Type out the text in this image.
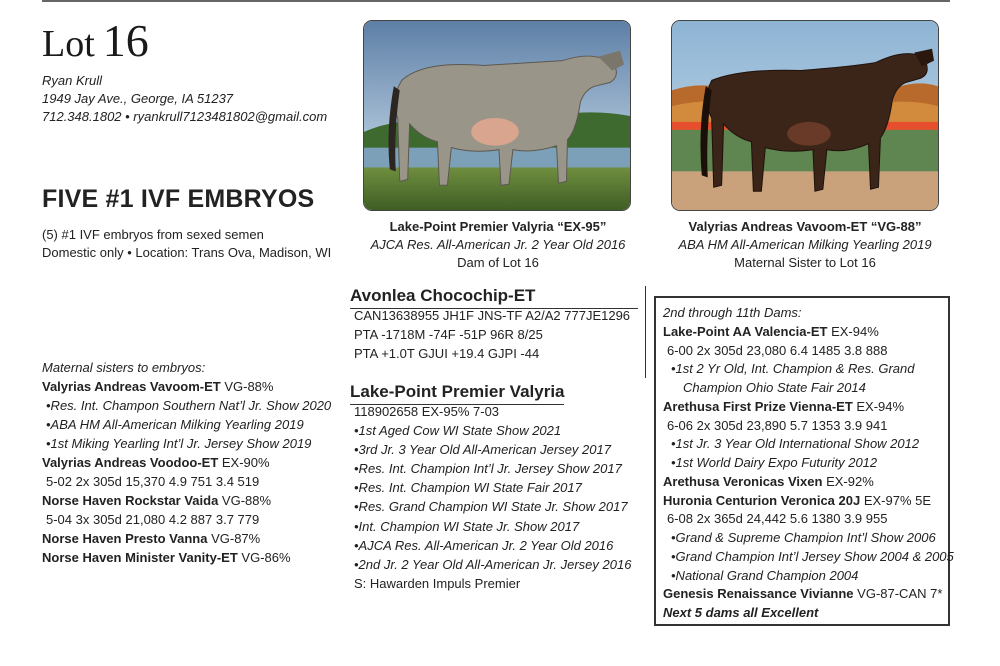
Lot 16
Ryan Krull
1949 Jay Ave., George, IA 51237
712.348.1802 • ryankrull7123481802@gmail.com
FIVE #1 IVF EMBRYOS
(5) #1 IVF embryos from sexed semen
Domestic only • Location: Trans Ova, Madison, WI
Lake-Point Premier Valyria “EX-95”
AJCA Res. All-American Jr. 2 Year Old 2016
Dam of Lot 16
Valyrias Andreas Vavoom-ET “VG-88”
ABA HM All-American Milking Yearling 2019
Maternal Sister to Lot 16
Maternal sisters to embryos:
Valyrias Andreas Vavoom-ET VG-88%
•Res. Int. Champon Southern Nat’l Jr. Show 2020
•ABA HM All-American Milking Yearling 2019
•1st Miking Yearling Int’l Jr. Jersey Show 2019
Valyrias Andreas Voodoo-ET EX-90%
5-02 2x 305d 15,370 4.9 751 3.4 519
Norse Haven Rockstar Vaida VG-88%
5-04 3x 305d 21,080 4.2 887 3.7 779
Norse Haven Presto Vanna VG-87%
Norse Haven Minister Vanity-ET VG-86%
Avonlea Chocochip-ET
CAN13638955 JH1F JNS-TF A2/A2 777JE1296
PTA -1718M -74F -51P 96R 8/25
PTA +1.0T GJUI +19.4 GJPI -44
Lake-Point Premier Valyria
118902658 EX-95% 7-03
•1st Aged Cow WI State Show 2021
•3rd Jr. 3 Year Old All-American Jersey 2017
•Res. Int. Champion Int’l Jr. Jersey Show 2017
•Res. Int. Champion WI State Fair 2017
•Res. Grand Champion WI State Jr. Show 2017
•Int. Champion WI State Jr. Show 2017
•AJCA Res. All-American Jr. 2 Year Old 2016
•2nd Jr. 2 Year Old All-American Jr. Jersey 2016
S: Hawarden Impuls Premier
2nd through 11th Dams:
Lake-Point AA Valencia-ET EX-94%
6-00 2x 305d 23,080 6.4 1485 3.8 888
•1st 2 Yr Old, Int. Champion & Res. Grand
Champion Ohio State Fair 2014
Arethusa First Prize Vienna-ET EX-94%
6-06 2x 305d 23,890 5.7 1353 3.9 941
•1st Jr. 3 Year Old International Show 2012
•1st World Dairy Expo Futurity 2012
Arethusa Veronicas Vixen EX-92%
Huronia Centurion Veronica 20J EX-97% 5E
6-08 2x 365d 24,442 5.6 1380 3.9 955
•Grand & Supreme Champion Int’l Show 2006
•Grand Champion Int’l Jersey Show 2004 & 2005
•National Grand Champion 2004
Genesis Renaissance Vivianne VG-87-CAN 7*
Next 5 dams all Excellent
